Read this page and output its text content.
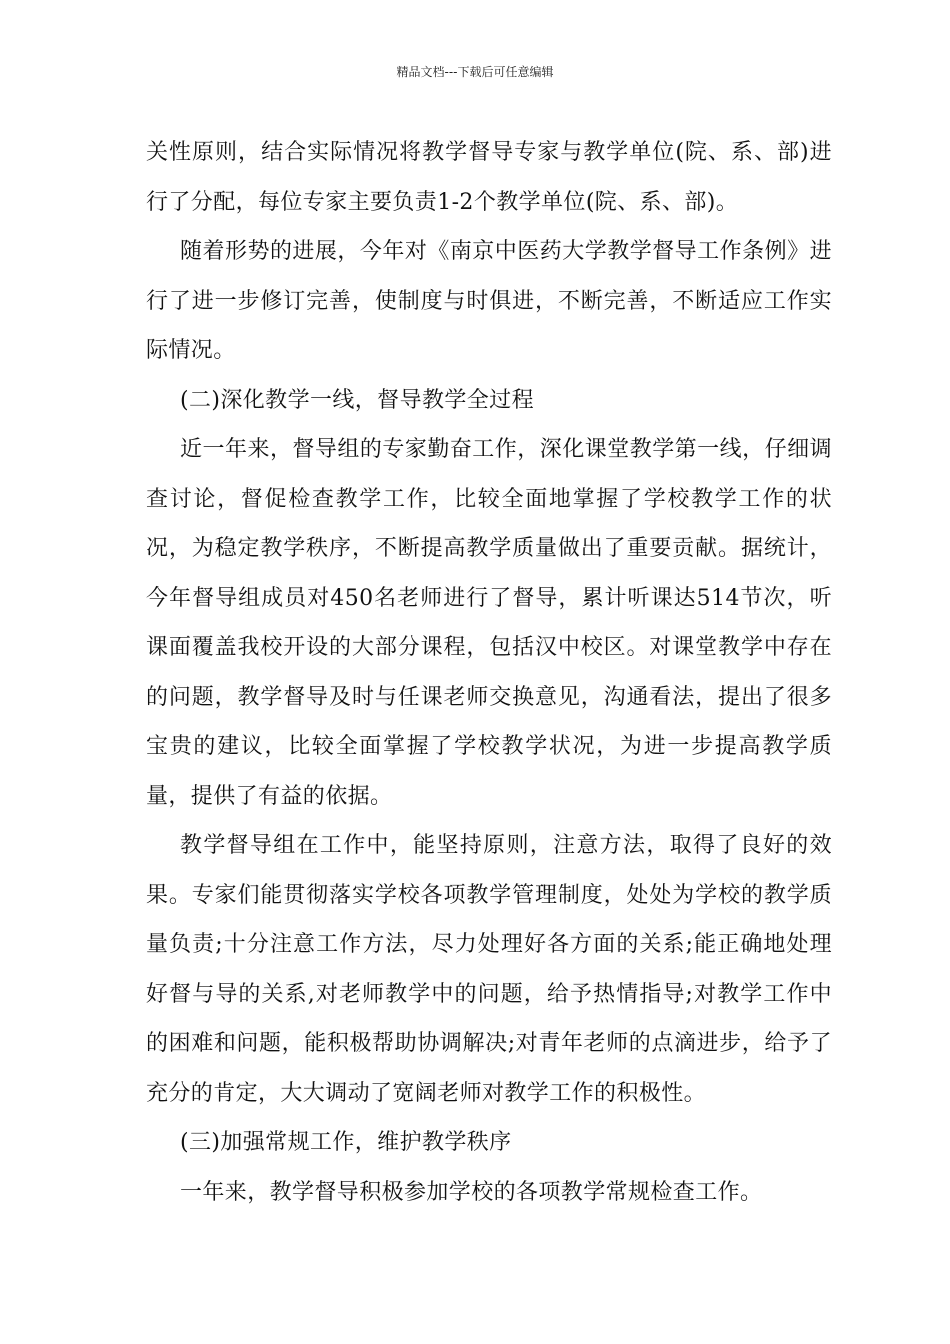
精品文档---下载后可任意编辑

关性原则，结合实际情况将教学督导专家与教学单位(院、系、部)进行了分配，每位专家主要负责1-2个教学单位(院、系、部)。

随着形势的进展，今年对《南京中医药大学教学督导工作条例》进行了进一步修订完善，使制度与时俱进，不断完善，不断适应工作实际情况。

(二)深化教学一线，督导教学全过程

近一年来，督导组的专家勤奋工作，深化课堂教学第一线，仔细调查讨论，督促检查教学工作，比较全面地掌握了学校教学工作的状况，为稳定教学秩序，不断提高教学质量做出了重要贡献。据统计，今年督导组成员对450名老师进行了督导，累计听课达514节次，听课面覆盖我校开设的大部分课程，包括汉中校区。对课堂教学中存在的问题，教学督导及时与任课老师交换意见，沟通看法，提出了很多宝贵的建议，比较全面掌握了学校教学状况，为进一步提高教学质量，提供了有益的依据。

教学督导组在工作中，能坚持原则，注意方法，取得了良好的效果。专家们能贯彻落实学校各项教学管理制度，处处为学校的教学质量负责;十分注意工作方法，尽力处理好各方面的关系;能正确地处理好督与导的关系,对老师教学中的问题，给予热情指导;对教学工作中的困难和问题，能积极帮助协调解决;对青年老师的点滴进步，给予了充分的肯定，大大调动了宽阔老师对教学工作的积极性。

(三)加强常规工作，维护教学秩序

一年来，教学督导积极参加学校的各项教学常规检查工作。
